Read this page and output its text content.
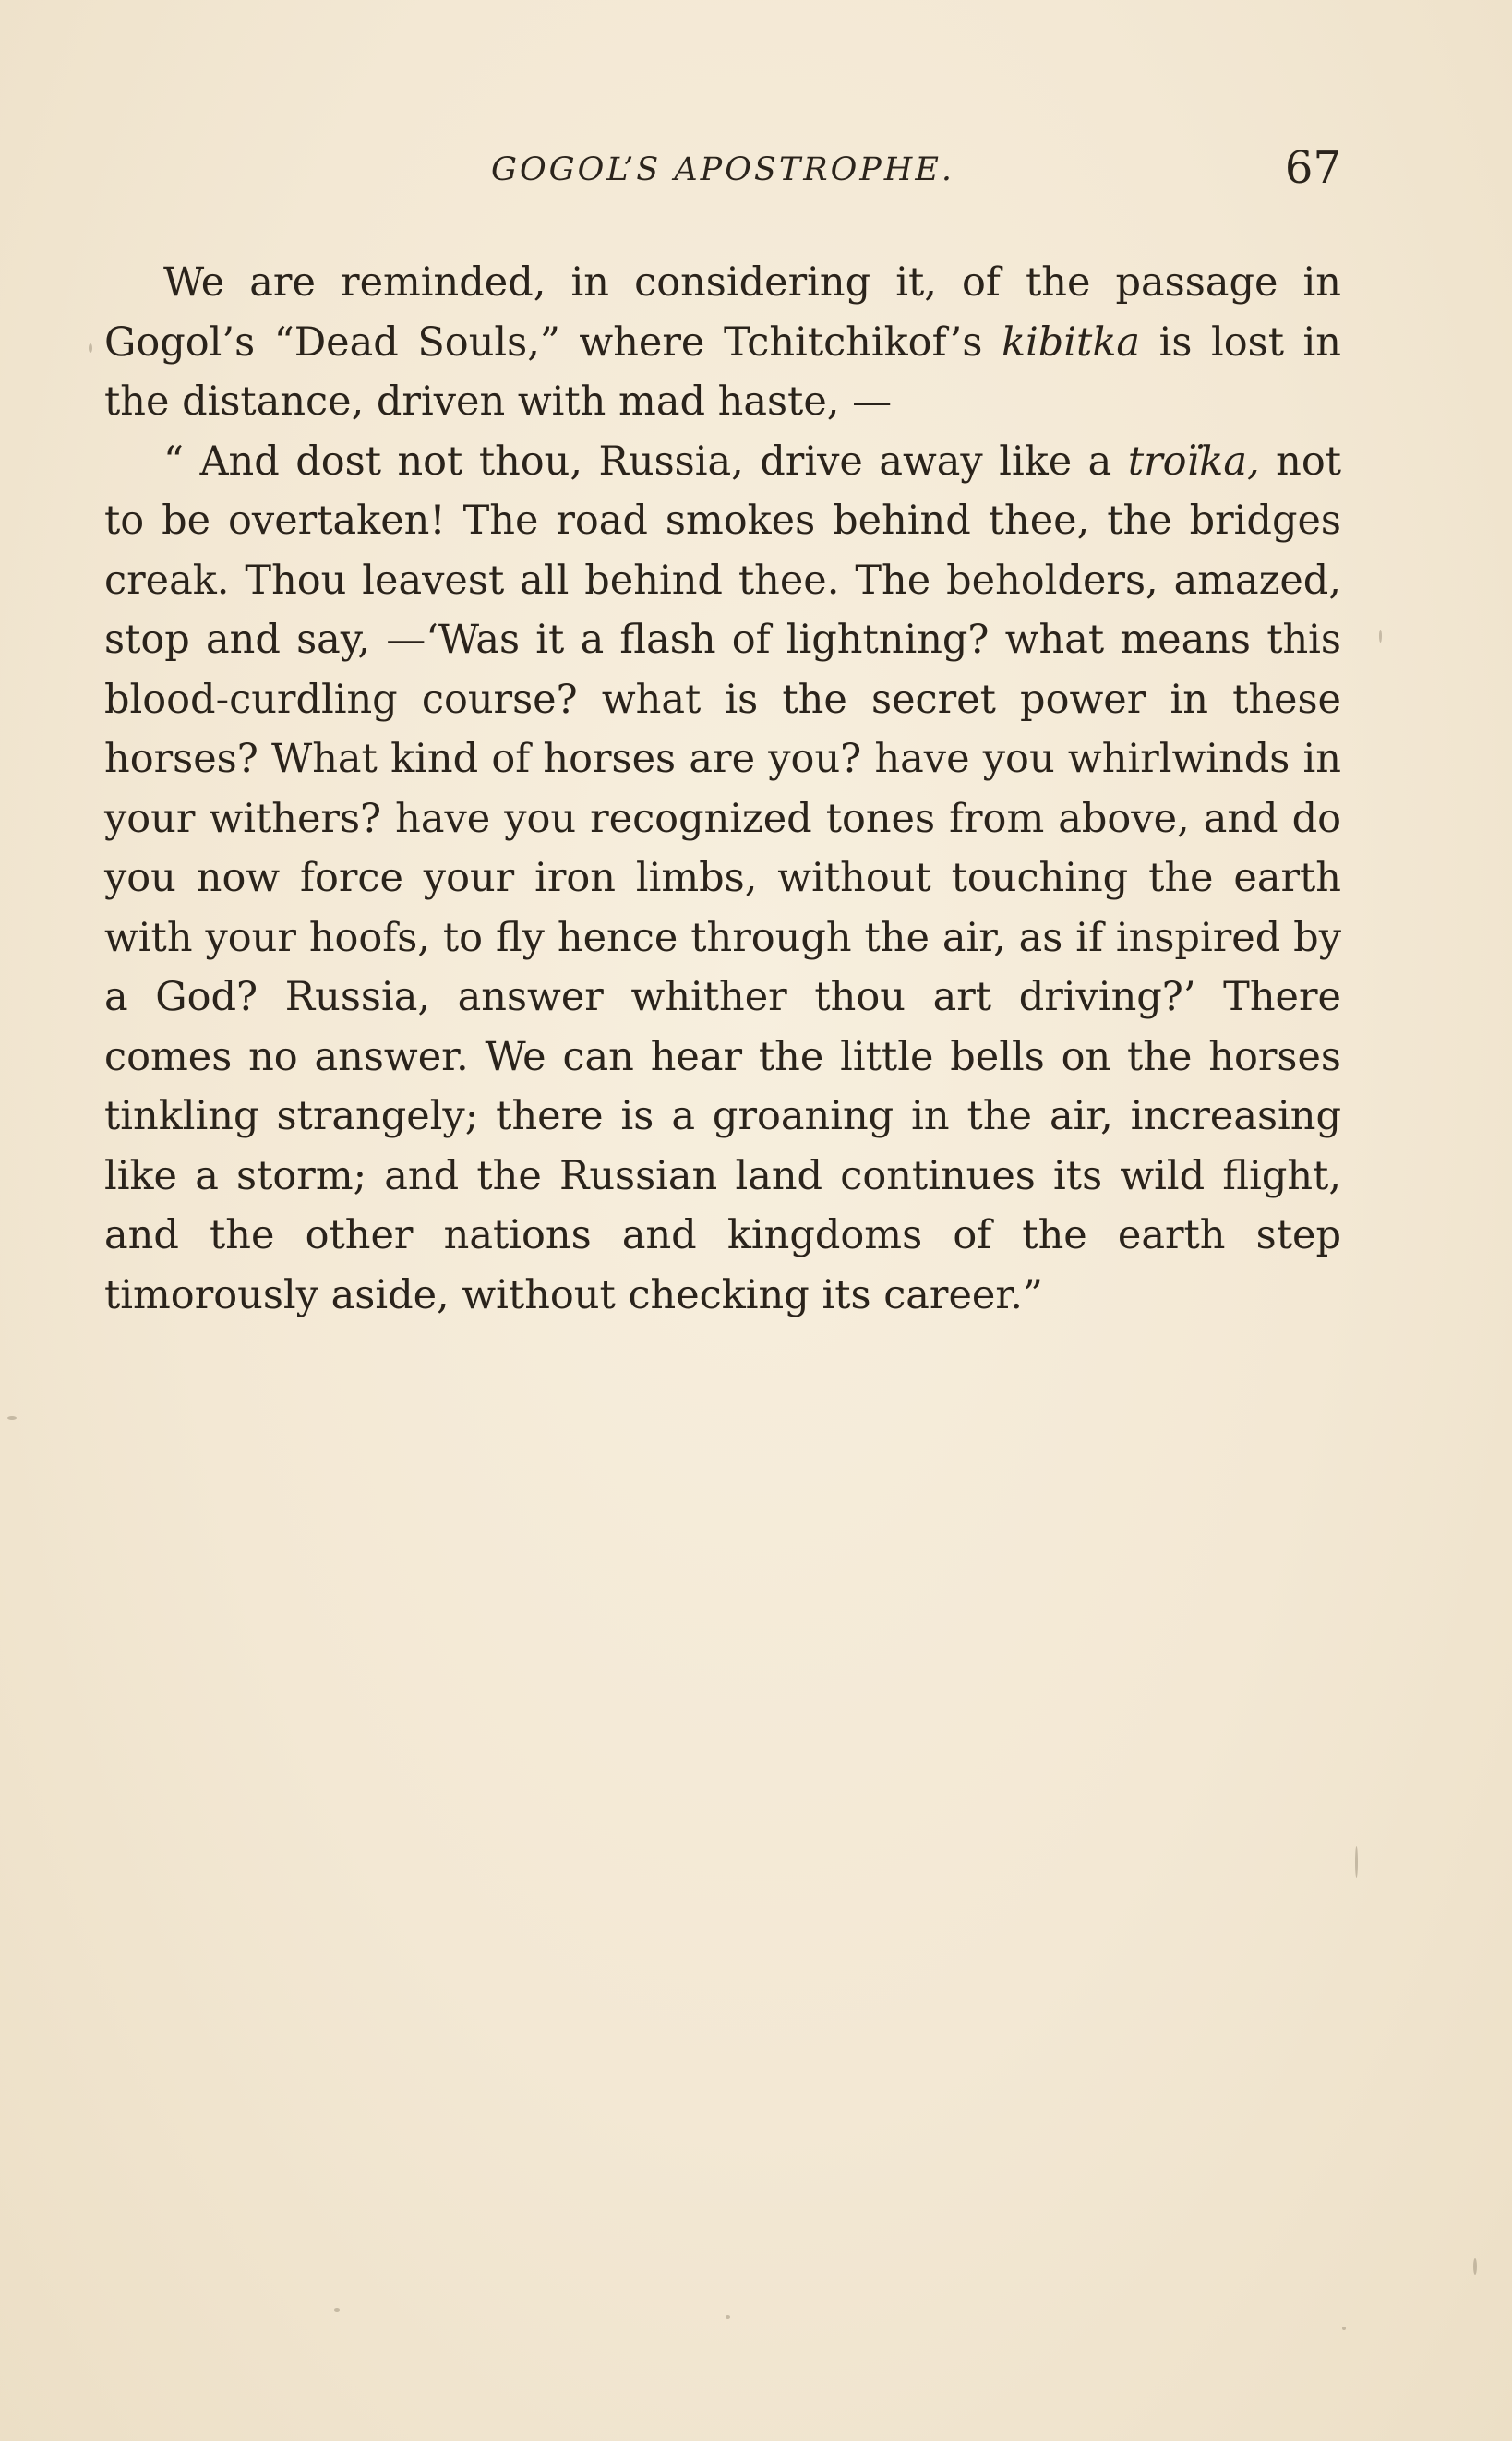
GOGOL’S APOSTROPHE.	67

We are reminded, in considering it, of the passage in Gogol’s “Dead Souls,” where Tchitchikof’s kibitka is lost in the distance, driven with mad haste, —

“ And dost not thou, Russia, drive away like a troïka, not to be overtaken! The road smokes behind thee, the bridges creak. Thou leavest all behind thee. The beholders, amazed, stop and say, —‘Was it a flash of lightning? what means this blood-curdling course? what is the secret power in these horses? What kind of horses are you? have you whirlwinds in your withers? have you recognized tones from above, and do you now force your iron limbs, without touching the earth with your hoofs, to fly hence through the air, as if inspired by a God? Russia, answer whither thou art driving?’ There comes no answer. We can hear the little bells on the horses tinkling strangely; there is a groaning in the air, increasing like a storm; and the Russian land continues its wild flight, and the other nations and kingdoms of the earth step timorously aside, without checking its career.”
